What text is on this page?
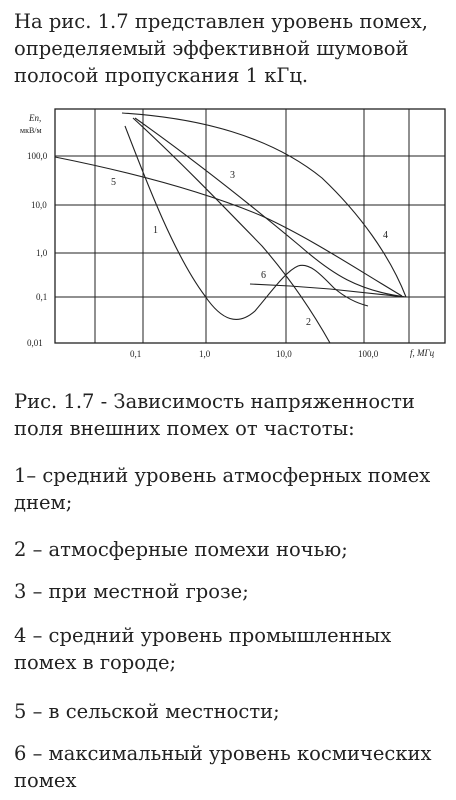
На рис. 1.7 представлен уровень помех, определяемый эффективной шумовой полосой пропускания 1 кГц.

Еп,
мкВ/м
f, МГц
100,0
10,0
1,0
0,1
0,01
0,1	1,0	10,0	100,0
1
2
3
4
5
6

Рис. 1.7 - Зависимость напряженности поля внешних помех от частоты:

1– средний уровень атмосферных помех днем;

2 – атмосферные помехи ночью;

3 – при местной грозе;

4 – средний уровень промышленных помех в городе;

5 – в сельской местности;

6 – максимальный уровень космических помех
